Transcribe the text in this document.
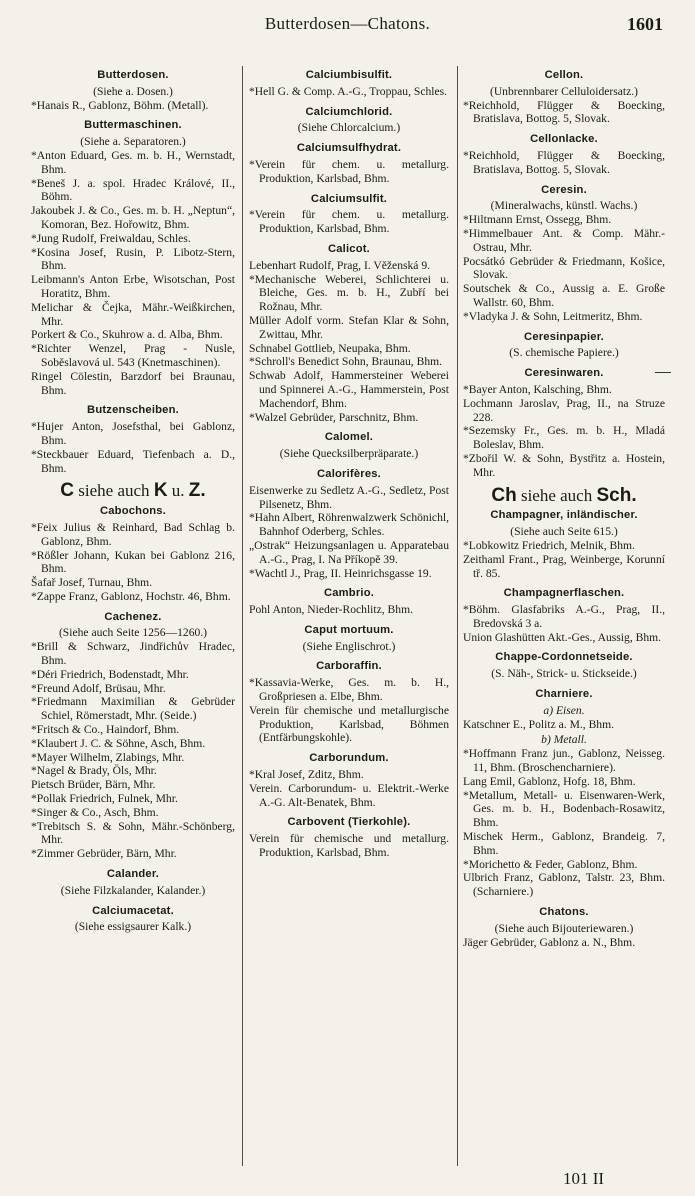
Butterdosen—Chatons.	1601
Butterdosen.
(Siehe a. Dosen.)
*Hanais R., Gablonz, Böhm. (Metall).
Buttermaschinen.
(Siehe a. Separatoren.)
*Anton Eduard, Ges. m. b. H., Wernstadt, Bhm.
*Beneš J. a. spol. Hradec Králové, II., Böhm.
Jakoubek J. & Co., Ges. m. b. H. „Neptun“, Komoran, Bez. Hořowitz, Bhm.
*Jung Rudolf, Freiwaldau, Schles.
*Kosina Josef, Rusin, P. Libotz-Stern, Bhm.
Leibmann's Anton Erbe, Wisotschan, Post Horatitz, Bhm.
Melichar & Čejka, Mähr.-Weißkirchen, Mhr.
Porkert & Co., Skuhrow a. d. Alba, Bhm.
*Richter Wenzel, Prag - Nusle, Soběslavová ul. 543 (Knetmaschinen).
Ringel Cölestin, Barzdorf bei Braunau, Bhm.
Butzenscheiben.
*Hujer Anton, Josefsthal, bei Gablonz, Bhm.
*Steckbauer Eduard, Tiefenbach a. D., Bhm.
C siehe auch K u. Z.
Cabochons.
*Feix Julius & Reinhard, Bad Schlag b. Gablonz, Bhm.
*Rößler Johann, Kukan bei Gablonz 216, Bhm.
Šafař Josef, Turnau, Bhm.
*Zappe Franz, Gablonz, Hochstr. 46, Bhm.
Cachenez.
(Siehe auch Seite 1256—1260.)
*Brill & Schwarz, Jindřichův Hradec, Bhm.
*Déri Friedrich, Bodenstadt, Mhr.
*Freund Adolf, Brüsau, Mhr.
*Friedmann Maximilian & Gebrüder Schiel, Römerstadt, Mhr. (Seide.)
*Fritsch & Co., Haindorf, Bhm.
*Klaubert J. C. & Söhne, Asch, Bhm.
*Mayer Wilhelm, Zlabings, Mhr.
*Nagel & Brady, Öls, Mhr.
Pietsch Brüder, Bärn, Mhr.
*Pollak Friedrich, Fulnek, Mhr.
*Singer & Co., Asch, Bhm.
*Trebitsch S. & Sohn, Mähr.-Schönberg, Mhr.
*Zimmer Gebrüder, Bärn, Mhr.
Calander.
(Siehe Filzkalander, Kalander.)
Calciumacetat.
(Siehe essigsaurer Kalk.)
Calciumbisulfit.
*Hell G. & Comp. A.-G., Troppau, Schles.
Calciumchlorid.
(Siehe Chlorcalcium.)
Calciumsulfhydrat.
*Verein für chem. u. metallurg. Produktion, Karlsbad, Bhm.
Calciumsulfit.
*Verein für chem. u. metallurg. Produktion, Karlsbad, Bhm.
Calicot.
Lebenhart Rudolf, Prag, I. Věženská 9.
*Mechanische Weberei, Schlichterei u. Bleiche, Ges. m. b. H., Zubří bei Rožnau, Mhr.
Müller Adolf vorm. Stefan Klar & Sohn, Zwittau, Mhr.
Schnabel Gottlieb, Neupaka, Bhm.
*Schroll's Benedict Sohn, Braunau, Bhm.
Schwab Adolf, Hammersteiner Weberei und Spinnerei A.-G., Hammerstein, Post Machendorf, Bhm.
*Walzel Gebrüder, Parschnitz, Bhm.
Calomel.
(Siehe Quecksilberpräparate.)
Calorifères.
Eisenwerke zu Sedletz A.-G., Sedletz, Post Pilsenetz, Bhm.
*Hahn Albert, Röhrenwalzwerk Schönichl, Bahnhof Oderberg, Schles.
„Ostrak“ Heizungsanlagen u. Apparatebau A.-G., Prag, I. Na Příkopě 39.
*Wachtl J., Prag, II. Heinrichsgasse 19.
Cambrio.
Pohl Anton, Nieder-Rochlitz, Bhm.
Caput mortuum.
(Siehe Englischrot.)
Carboraffin.
*Kassavia-Werke, Ges. m. b. H., Großpriesen a. Elbe, Bhm.
Verein für chemische und metallurgische Produktion, Karlsbad, Böhmen (Entfärbungskohle).
Carborundum.
*Kral Josef, Zditz, Bhm.
Verein. Carborundum- u. Elektrit.-Werke A.-G. Alt-Benatek, Bhm.
Carbovent (Tierkohle).
Verein für chemische und metallurg. Produktion, Karlsbad, Bhm.
Cellon.
(Unbrennbarer Celluloidersatz.)
*Reichhold, Flügger & Boecking, Bratislava, Bottog. 5, Slovak.
Cellonlacke.
*Reichhold, Flügger & Boecking, Bratislava, Bottog. 5, Slovak.
Ceresin.
(Mineralwachs, künstl. Wachs.)
*Hiltmann Ernst, Ossegg, Bhm.
*Himmelbauer Ant. & Comp. Mähr.-Ostrau, Mhr.
Pocsátkó Gebrüder & Friedmann, Košice, Slovak.
Soutschek & Co., Aussig a. E. Große Wallstr. 60, Bhm.
*Vladyka J. & Sohn, Leitmeritz, Bhm.
Ceresinpapier.
(S. chemische Papiere.)
Ceresinwaren.
*Bayer Anton, Kalsching, Bhm.
Lochmann Jaroslav, Prag, II., na Struze 228.
*Sezemsky Fr., Ges. m. b. H., Mladá Boleslav, Bhm.
*Zbořil W. & Sohn, Bystřitz a. Hostein, Mhr.
Ch siehe auch Sch.
Champagner, inländischer.
(Siehe auch Seite 615.)
*Lobkowitz Friedrich, Melnik, Bhm.
Zeithaml Frant., Prag, Weinberge, Korunní tř. 85.
Champagnerflaschen.
*Böhm. Glasfabriks A.-G., Prag, II., Bredovská 3 a.
Union Glashütten Akt.-Ges., Aussig, Bhm.
Chappe-Cordonnetseide.
(S. Näh-, Strick- u. Stickseide.)
Charniere.
a) Eisen.
Katschner E., Politz a. M., Bhm.
b) Metall.
*Hoffmann Franz jun., Gablonz, Neisseg. 11, Bhm. (Broschencharniere).
Lang Emil, Gablonz, Hofg. 18, Bhm.
*Metallum, Metall- u. Eisenwaren-Werk, Ges. m. b. H., Bodenbach-Rosawitz, Bhm.
Mischek Herm., Gablonz, Brandeig. 7, Bhm.
*Morichetto & Feder, Gablonz, Bhm.
Ulbrich Franz, Gablonz, Talstr. 23, Bhm. (Scharniere.)
Chatons.
(Siehe auch Bijouteriewaren.)
Jäger Gebrüder, Gablonz a. N., Bhm.
101 II
